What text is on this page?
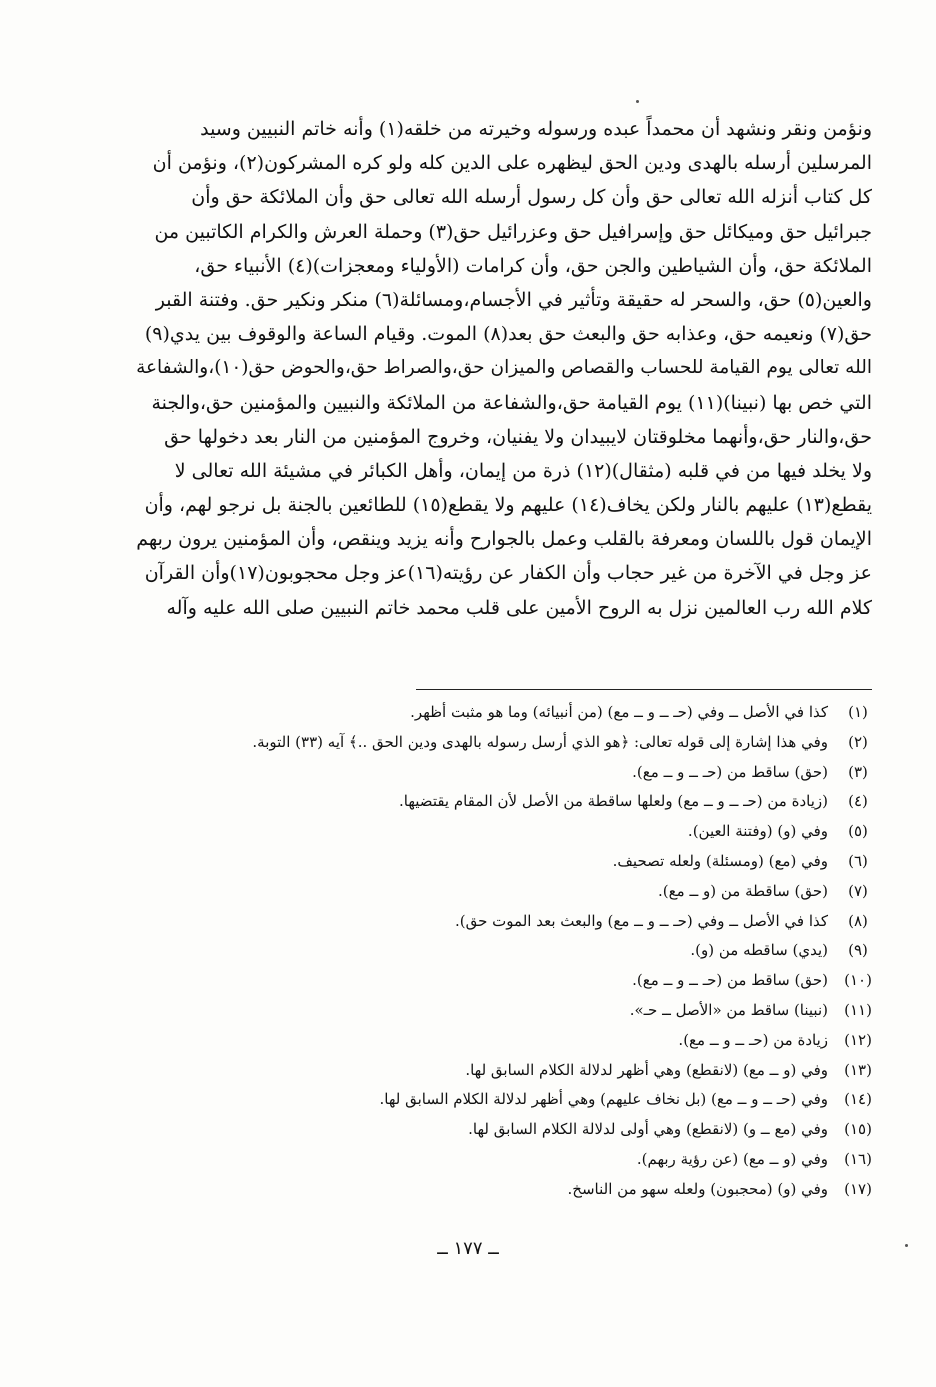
ونؤمن ونقر ونشهد أن محمداً عبده ورسوله وخيرته من خلقه(١) وأنه خاتم النبيين وسيد
المرسلين أرسله بالهدى ودين الحق ليظهره على الدين كله ولو كره المشركون(٢)، ونؤمن أن
كل كتاب أنزله الله تعالى حق وأن كل رسول أرسله الله تعالى حق وأن الملائكة حق وأن
جبرائيل حق وميكائل حق وإسرافيل حق وعزرائيل حق(٣) وحملة العرش والكرام الكاتبين من
الملائكة حق، وأن الشياطين والجن حق، وأن كرامات (الأولياء ومعجزات)(٤) الأنبياء حق،
والعين(٥) حق، والسحر له حقيقة وتأثير في الأجسام،ومسائلة(٦) منكر ونكير حق. وفتنة القبر
حق(٧) ونعيمه حق، وعذابه حق والبعث حق بعد(٨) الموت. وقيام الساعة والوقوف بين يدي(٩)
الله تعالى يوم القيامة للحساب والقصاص والميزان حق،والصراط حق،والحوض حق(١٠)،والشفاعة
التي خص بها (نبينا)(١١) يوم القيامة حق،والشفاعة من الملائكة والنبيين والمؤمنين حق،والجنة
حق،والنار حق،وأنهما مخلوقتان لايبيدان ولا يفنيان، وخروج المؤمنين من النار بعد دخولها حق
ولا يخلد فيها من في قلبه (مثقال)(١٢) ذرة من إيمان، وأهل الكبائر في مشيئة الله تعالى لا
يقطع(١٣) عليهم بالنار ولكن يخاف(١٤) عليهم ولا يقطع(١٥) للطائعين بالجنة بل نرجو لهم، وأن
الإيمان قول باللسان ومعرفة بالقلب وعمل بالجوارح وأنه يزيد وينقص، وأن المؤمنين يرون ربهم
عز وجل في الآخرة من غير حجاب وأن الكفار عن رؤيته(١٦)عز وجل محجوبون(١٧)وأن القرآن
كلام الله رب العالمين نزل به الروح الأمين على قلب محمد خاتم النبيين صلى الله عليه وآله
(١)كذا في الأصل ــ وفي (حـ ــ و ــ مع) (من أنبيائه) وما هو مثبت أظهر.
(٢)وفي هذا إشارة إلى قوله تعالى: ﴿هو الذي أرسل رسوله بالهدى ودين الحق ..﴾ آيه (٣٣) التوبة.
(٣)(حق) ساقط من (حـ ــ و ــ مع).
(٤)(زيادة من (حـ ــ و ــ مع) ولعلها ساقطة من الأصل لأن المقام يقتضيها.
(٥)وفي (و) (وفتنة العين).
(٦)وفي (مع) (ومسئلة) ولعله تصحيف.
(٧)(حق) ساقطة من (و ــ مع).
(٨)كذا في الأصل ــ وفي (حـ ــ و ــ مع) والبعث بعد الموت حق).
(٩)(يدي) ساقطه من (و).
(١٠)(حق) ساقط من (حـ ــ و ــ مع).
(١١)(نبينا) ساقط من «الأصل ــ حـ».
(١٢)زيادة من (حـ ــ و ــ مع).
(١٣)وفي (و ــ مع) (لانقطع) وهي أظهر لدلالة الكلام السابق لها.
(١٤)وفي (حـ ــ و ــ مع) (بل نخاف عليهم) وهي أظهر لدلالة الكلام السابق لها.
(١٥)وفي (مع ــ و) (لانقطع) وهي أولى لدلالة الكلام السابق لها.
(١٦)وفي (و ــ مع) (عن رؤية ربهم).
(١٧)وفي (و) (محجبون) ولعله سهو من الناسخ.
ــ ١٧٧ ــ
